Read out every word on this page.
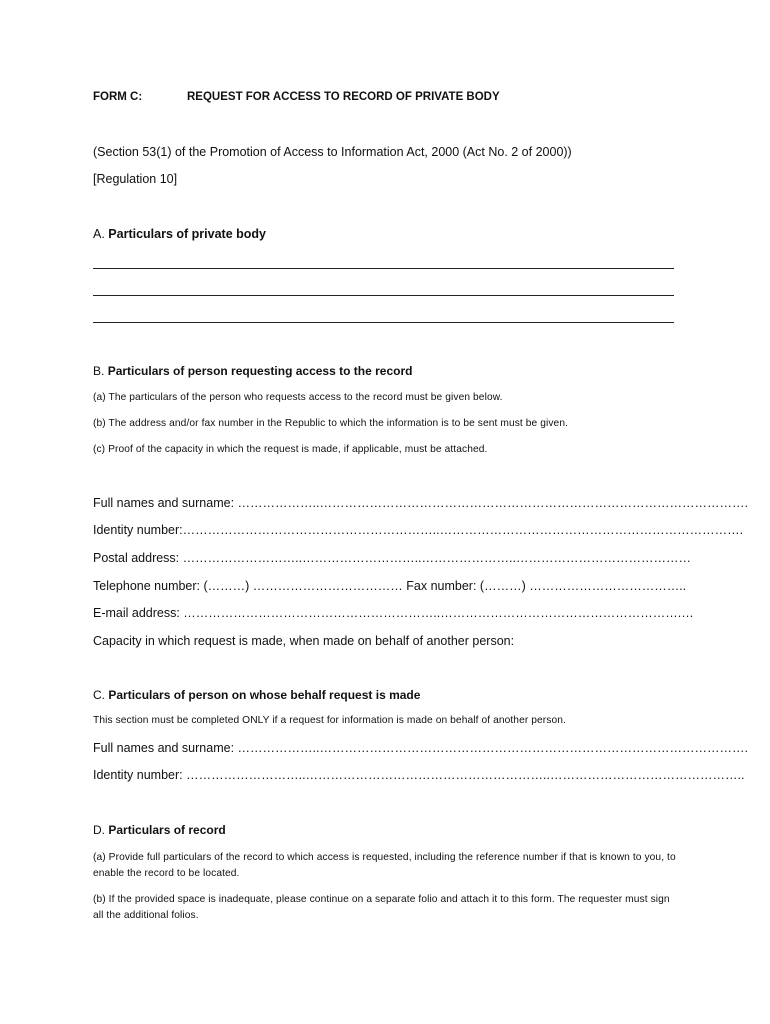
FORM C:	REQUEST FOR ACCESS TO RECORD OF PRIVATE BODY
(Section 53(1) of the Promotion of Access to Information Act, 2000 (Act No. 2 of 2000))
[Regulation 10]
A. Particulars of private body
B. Particulars of person requesting access to the record
(a) The particulars of the person who requests access to the record must be given below.
(b) The address and/or fax number in the Republic to which the information is to be sent must be given.
(c) Proof of the capacity in which the request is made, if applicable, must be attached.
Full names and surname: ………………..………………………………………………………………………………………….
Identity number:……………………………………………………..……………………………………………………………….
Postal address: ………………………..………………………..…………………..……………………………………
Telephone number: (………) ……………………………… Fax number: (………) ………………………………..
E-mail address: ……………………………………………………..………………………………………………….…
Capacity in which request is made, when made on behalf of another person:
C. Particulars of person on whose behalf request is made
This section must be completed ONLY if a request for information is made on behalf of another person.
Full names and surname: ………………..………………………………………………………………………………………….
Identity number: ………………………..…………………………………………………..………………………………………..
D. Particulars of record
(a) Provide full particulars of the record to which access is requested, including the reference number if that is known to you, to enable the record to be located.
(b) If the provided space is inadequate, please continue on a separate folio and attach it to this form. The requester must sign all the additional folios.
